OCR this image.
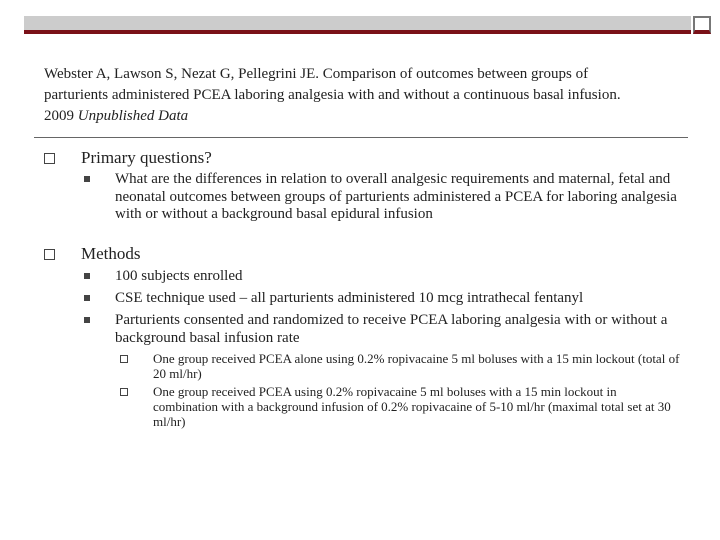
Webster A, Lawson S, Nezat G, Pellegrini JE. Comparison of outcomes between groups of parturients administered PCEA laboring analgesia with and without a continuous basal infusion. 2009 Unpublished Data
Primary questions?
What are the differences in relation to overall analgesic requirements and maternal, fetal and neonatal outcomes between groups of parturients administered a PCEA for laboring analgesia with or without a background basal epidural infusion
Methods
100 subjects enrolled
CSE technique used – all parturients administered 10 mcg intrathecal fentanyl
Parturients consented and randomized to receive PCEA laboring analgesia with or without a background basal infusion rate
One group received PCEA alone using 0.2% ropivacaine 5 ml boluses with a 15 min lockout (total of 20 ml/hr)
One group received PCEA using 0.2% ropivacaine 5 ml boluses with a 15 min lockout in combination with a background infusion of 0.2% ropivacaine of 5-10 ml/hr (maximal total set at 30 ml/hr)
